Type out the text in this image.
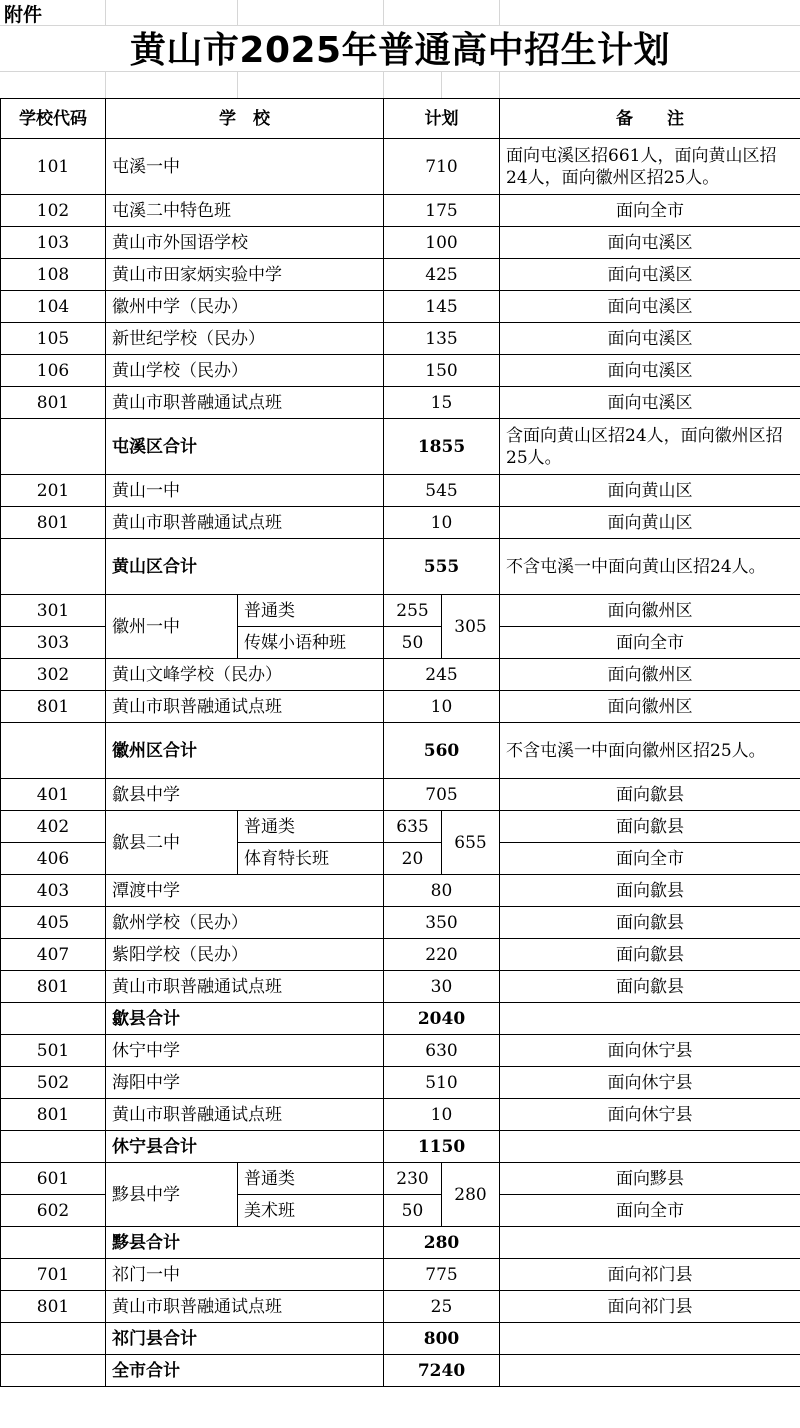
附件
黄山市2025年普通高中招生计划
学校代码	学　校		计划		备　　注
101	屯溪一中		710		面向屯溪区招661人，面向黄山区招24人，面向徽州区招25人。
102	屯溪二中特色班		175		面向全市
103	黄山市外国语学校		100		面向屯溪区
108	黄山市田家炳实验中学		425		面向屯溪区
104	徽州中学（民办）		145		面向屯溪区
105	新世纪学校（民办）		135		面向屯溪区
106	黄山学校（民办）		150		面向屯溪区
801	黄山市职普融通试点班		15		面向屯溪区
	屯溪区合计		1855		含面向黄山区招24人，面向徽州区招25人。
201	黄山一中		545		面向黄山区
801	黄山市职普融通试点班		10		面向黄山区
	黄山区合计		555		不含屯溪一中面向黄山区招24人。
301	徽州一中	普通类	255	305	面向徽州区
303		传媒小语种班	50		面向全市
302	黄山文峰学校（民办）		245		面向徽州区
801	黄山市职普融通试点班		10		面向徽州区
	徽州区合计		560		不含屯溪一中面向徽州区招25人。
401	歙县中学		705		面向歙县
402	歙县二中	普通类	635	655	面向歙县
406		体育特长班	20		面向全市
403	潭渡中学		80		面向歙县
405	歙州学校（民办）		350		面向歙县
407	紫阳学校（民办）		220		面向歙县
801	黄山市职普融通试点班		30		面向歙县
	歙县合计		2040		
501	休宁中学		630		面向休宁县
502	海阳中学		510		面向休宁县
801	黄山市职普融通试点班		10		面向休宁县
	休宁县合计		1150		
601	黟县中学	普通类	230	280	面向黟县
602		美术班	50		面向全市
	黟县合计		280		
701	祁门一中		775		面向祁门县
801	黄山市职普融通试点班		25		面向祁门县
	祁门县合计		800		
	全市合计		7240		
